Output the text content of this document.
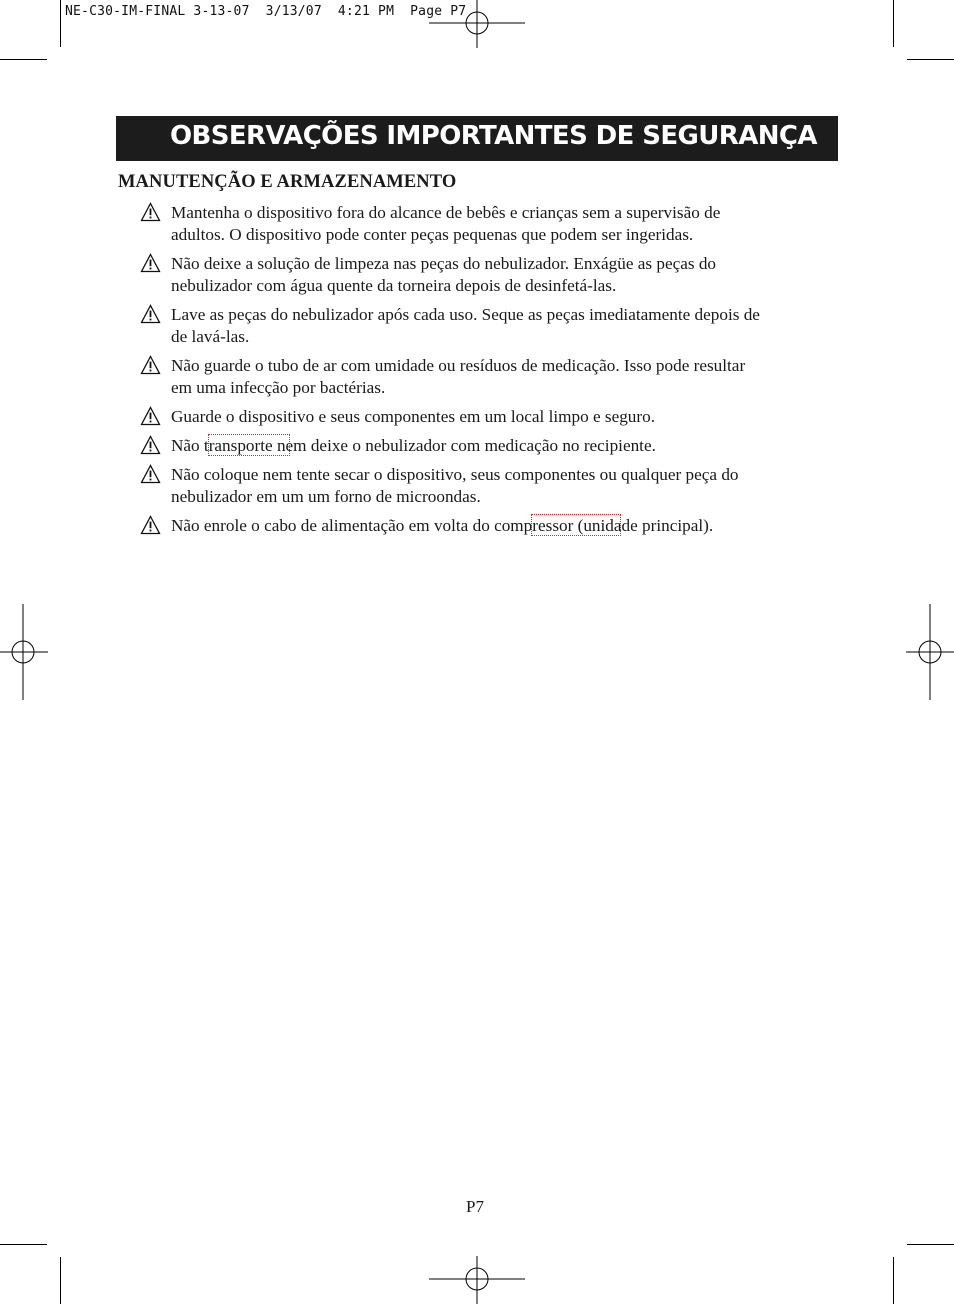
NE-C30-IM-FINAL 3-13-07  3/13/07  4:21 PM  Page P7
OBSERVAÇÕES IMPORTANTES DE SEGURANÇA
MANUTENÇÃO E ARMAZENAMENTO
Mantenha o dispositivo fora do alcance de bebês e crianças sem a supervisão de
adultos. O dispositivo pode conter peças pequenas que podem ser ingeridas.
Não deixe a solução de limpeza nas peças do nebulizador. Enxágüe as peças do
nebulizador com água quente da torneira depois de desinfetá-las.
Lave as peças do nebulizador após cada uso. Seque as peças imediatamente depois de
de lavá-las.
Não guarde o tubo de ar com umidade ou resíduos de medicação. Isso pode resultar
em uma infecção por bactérias.
Guarde o dispositivo e seus componentes em um local limpo e seguro.
Não transporte nem deixe o nebulizador com medicação no recipiente.
Não coloque nem tente secar o dispositivo, seus componentes ou qualquer peça do
nebulizador em um um forno de microondas.
Não enrole o cabo de alimentação em volta do compressor (unidade principal).
P7
